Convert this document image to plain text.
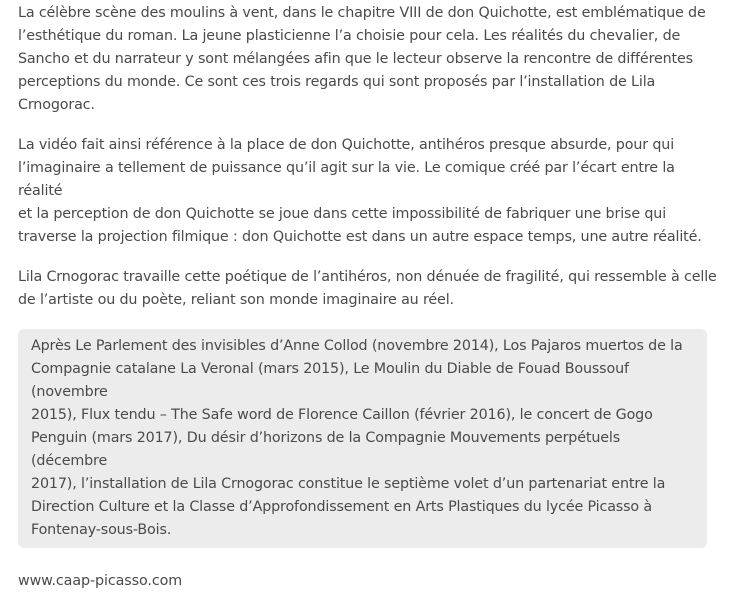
La célèbre scène des moulins à vent, dans le chapitre VIII de don Quichotte, est emblématique de
l’esthétique du roman. La jeune plasticienne l’a choisie pour cela. Les réalités du chevalier, de
Sancho et du narrateur y sont mélangées afin que le lecteur observe la rencontre de différentes
perceptions du monde. Ce sont ces trois regards qui sont proposés par l’installation de Lila
Crnogorac.

La vidéo fait ainsi référence à la place de don Quichotte, antihéros presque absurde, pour qui
l’imaginaire a tellement de puissance qu’il agit sur la vie. Le comique créé par l’écart entre la réalité
et la perception de don Quichotte se joue dans cette impossibilité de fabriquer une brise qui
traverse la projection filmique : don Quichotte est dans un autre espace temps, une autre réalité.

Lila Crnogorac travaille cette poétique de l’antihéros, non dénuée de fragilité, qui ressemble à celle
de l’artiste ou du poète, reliant son monde imaginaire au réel.

Après Le Parlement des invisibles d’Anne Collod (novembre 2014), Los Pajaros muertos de la
Compagnie catalane La Veronal (mars 2015), Le Moulin du Diable de Fouad Boussouf (novembre
2015), Flux tendu – The Safe word de Florence Caillon (février 2016), le concert de Gogo
Penguin (mars 2017), Du désir d’horizons de la Compagnie Mouvements perpétuels (décembre
2017), l’installation de Lila Crnogorac constitue le septième volet d’un partenariat entre la
Direction Culture et la Classe d’Approfondissement en Arts Plastiques du lycée Picasso à
Fontenay-sous-Bois.

www.caap-picasso.com
